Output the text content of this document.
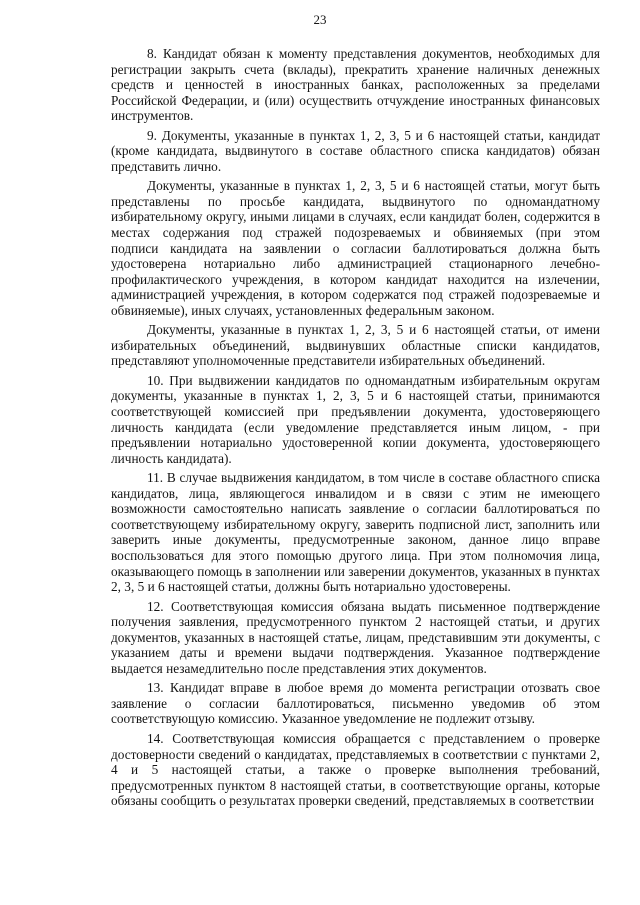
23
8. Кандидат обязан к моменту представления документов, необходимых для
регистрации закрыть счета (вклады), прекратить хранение наличных денежных
средств и ценностей в иностранных банках, расположенных за пределами
Российской Федерации, и (или) осуществить отчуждение иностранных финансовых
инструментов.
9. Документы, указанные в пунктах 1, 2, 3, 5 и 6 настоящей статьи, кандидат
(кроме кандидата, выдвинутого в составе областного списка кандидатов) обязан
представить лично.
Документы, указанные в пунктах 1, 2, 3, 5 и 6 настоящей статьи, могут быть
представлены по просьбе кандидата, выдвинутого по одномандатному
избирательному округу, иными лицами в случаях, если кандидат болен, содержится в
местах содержания под стражей подозреваемых и обвиняемых (при этом
подписи кандидата на заявлении о согласии баллотироваться должна быть
удостоверена нотариально либо администрацией стационарного лечебно-
профилактического учреждения, в котором кандидат находится на излечении,
администрацией учреждения, в котором содержатся под стражей подозреваемые и
обвиняемые), иных случаях, установленных федеральным законом.
Документы, указанные в пунктах 1, 2, 3, 5 и 6 настоящей статьи, от имени
избирательных объединений, выдвинувших областные списки кандидатов,
представляют уполномоченные представители избирательных объединений.
10. При выдвижении кандидатов по одномандатным избирательным округам
документы, указанные в пунктах 1, 2, 3, 5 и 6 настоящей статьи, принимаются
соответствующей комиссией при предъявлении документа, удостоверяющего
личность кандидата (если уведомление представляется иным лицом, - при
предъявлении нотариально удостоверенной копии документа, удостоверяющего
личность кандидата).
11. В случае выдвижения кандидатом, в том числе в составе областного списка
кандидатов, лица, являющегося инвалидом и в связи с этим не имеющего
возможности самостоятельно написать заявление о согласии баллотироваться по
соответствующему избирательному округу, заверить подписной лист, заполнить или
заверить иные документы, предусмотренные законом, данное лицо вправе
воспользоваться для этого помощью другого лица. При этом полномочия лица,
оказывающего помощь в заполнении или заверении документов, указанных в пунктах
2, 3, 5 и 6 настоящей статьи, должны быть нотариально удостоверены.
12. Соответствующая комиссия обязана выдать письменное подтверждение
получения заявления, предусмотренного пунктом 2 настоящей статьи, и других
документов, указанных в настоящей статье, лицам, представившим эти документы, с
указанием даты и времени выдачи подтверждения. Указанное подтверждение
выдается незамедлительно после представления этих документов.
13. Кандидат вправе в любое время до момента регистрации отозвать свое
заявление о согласии баллотироваться, письменно уведомив об этом
соответствующую комиссию. Указанное уведомление не подлежит отзыву.
14. Соответствующая комиссия обращается с представлением о проверке
достоверности сведений о кандидатах, представляемых в соответствии с пунктами 2,
4 и 5 настоящей статьи, а также о проверке выполнения требований,
предусмотренных пунктом 8 настоящей статьи, в соответствующие органы, которые
обязаны сообщить о результатах проверки сведений, представляемых в соответствии
